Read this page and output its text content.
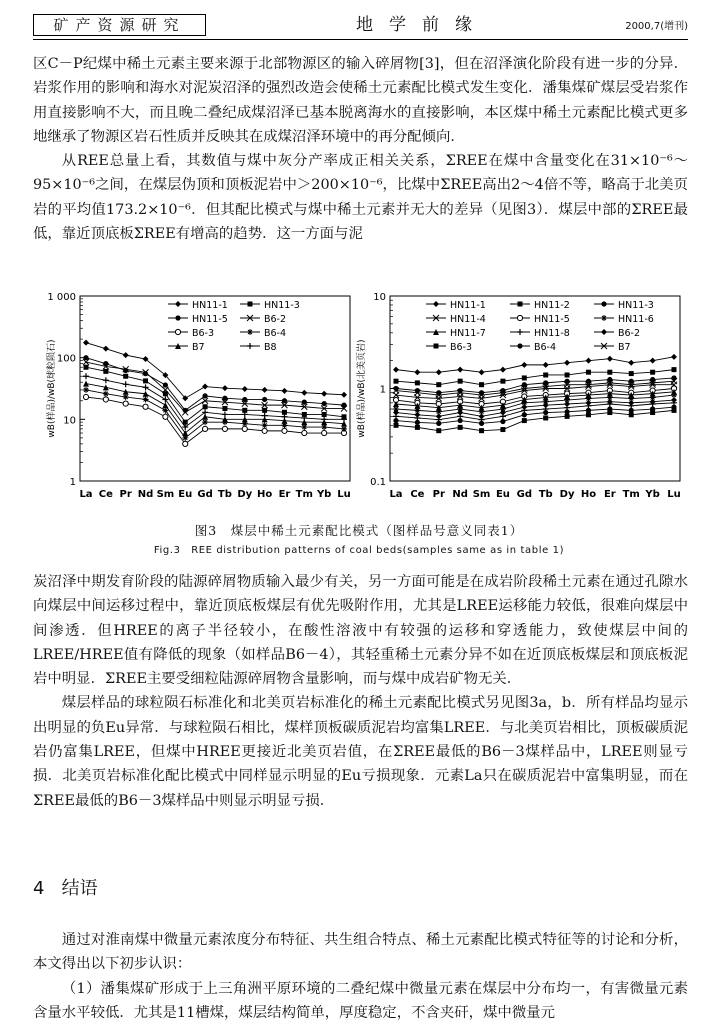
矿产资源研究	地学前缘	2000,7(增刊)

区C－P纪煤中稀土元素主要来源于北部物源区的输入碎屑物[3]，但在沼泽演化阶段有进一步的分异．岩浆作用的影响和海水对泥炭沼泽的强烈改造会使稀土元素配比模式发生变化．潘集煤矿煤层受岩浆作用直接影响不大，而且晚二叠纪成煤沼泽已基本脱离海水的直接影响，本区煤中稀土元素配比模式更多地继承了物源区岩石性质并反映其在成煤沼泽环境中的再分配倾向．

从REE总量上看，其数值与煤中灰分产率成正相关关系，ΣREE在煤中含量变化在31×10⁻⁶～95×10⁻⁶之间，在煤层伪顶和顶板泥岩中＞200×10⁻⁶，比煤中ΣREE高出2～4倍不等，略高于北美页岩的平均值173.2×10⁻⁶．但其配比模式与煤中稀土元素并无大的差异（见图3）．煤层中部的ΣREE最低，靠近顶底板ΣREE有增高的趋势．这一方面与泥

1 000
100
10
1
La Ce Pr Nd Sm Eu Gd Tb Dy Ho Er Tm Yb Lu
wB(样品)/wB(球粒陨石)
HN11-1	HN11-3
HN11-5	B6-2
B6-3	B6-4
B7	B8
10
1
0.1
La Ce Pr Nd Sm Eu Gd Tb Dy Ho Er Tm Yb Lu
wB(样品)/wB(北美页岩)
HN11-1	HN11-2	HN11-3
HN11-4	HN11-5	HN11-6
HN11-7	HN11-8	B6-2
B6-3	B6-4	B7
图3　煤层中稀土元素配比模式（图样品号意义同表1）
Fig.3　REE distribution patterns of coal beds(samples same as in table 1)

炭沼泽中期发育阶段的陆源碎屑物质输入最少有关，另一方面可能是在成岩阶段稀土元素在通过孔隙水向煤层中间运移过程中，靠近顶底板煤层有优先吸附作用，尤其是LREE运移能力较低，很难向煤层中间渗透．但HREE的离子半径较小，在酸性溶液中有较强的运移和穿透能力，致使煤层中间的LREE/HREE值有降低的现象（如样品B6－4），其轻重稀土元素分异不如在近顶底板煤层和顶底板泥岩中明显．ΣREE主要受细粒陆源碎屑物含量影响，而与煤中成岩矿物无关．

煤层样品的球粒陨石标准化和北美页岩标准化的稀土元素配比模式另见图3a，b．所有样品均显示出明显的负Eu异常．与球粒陨石相比，煤样顶板碳质泥岩均富集LREE．与北美页岩相比，顶板碳质泥岩仍富集LREE，但煤中HREE更接近北美页岩值，在ΣREE最低的B6－3煤样品中，LREE则显亏损．北美页岩标准化配比模式中同样显示明显的Eu亏损现象．元素La只在碳质泥岩中富集明显，而在ΣREE最低的B6－3煤样品中则显示明显亏损．

4 结语

通过对淮南煤中微量元素浓度分布特征、共生组合特点、稀土元素配比模式特征等的讨论和分析，本文得出以下初步认识：

（1）潘集煤矿形成于上三角洲平原环境的二叠纪煤中微量元素在煤层中分布均一，有害微量元素含量水平较低．尤其是11槽煤，煤层结构简单，厚度稳定，不含夹矸，煤中微量元
